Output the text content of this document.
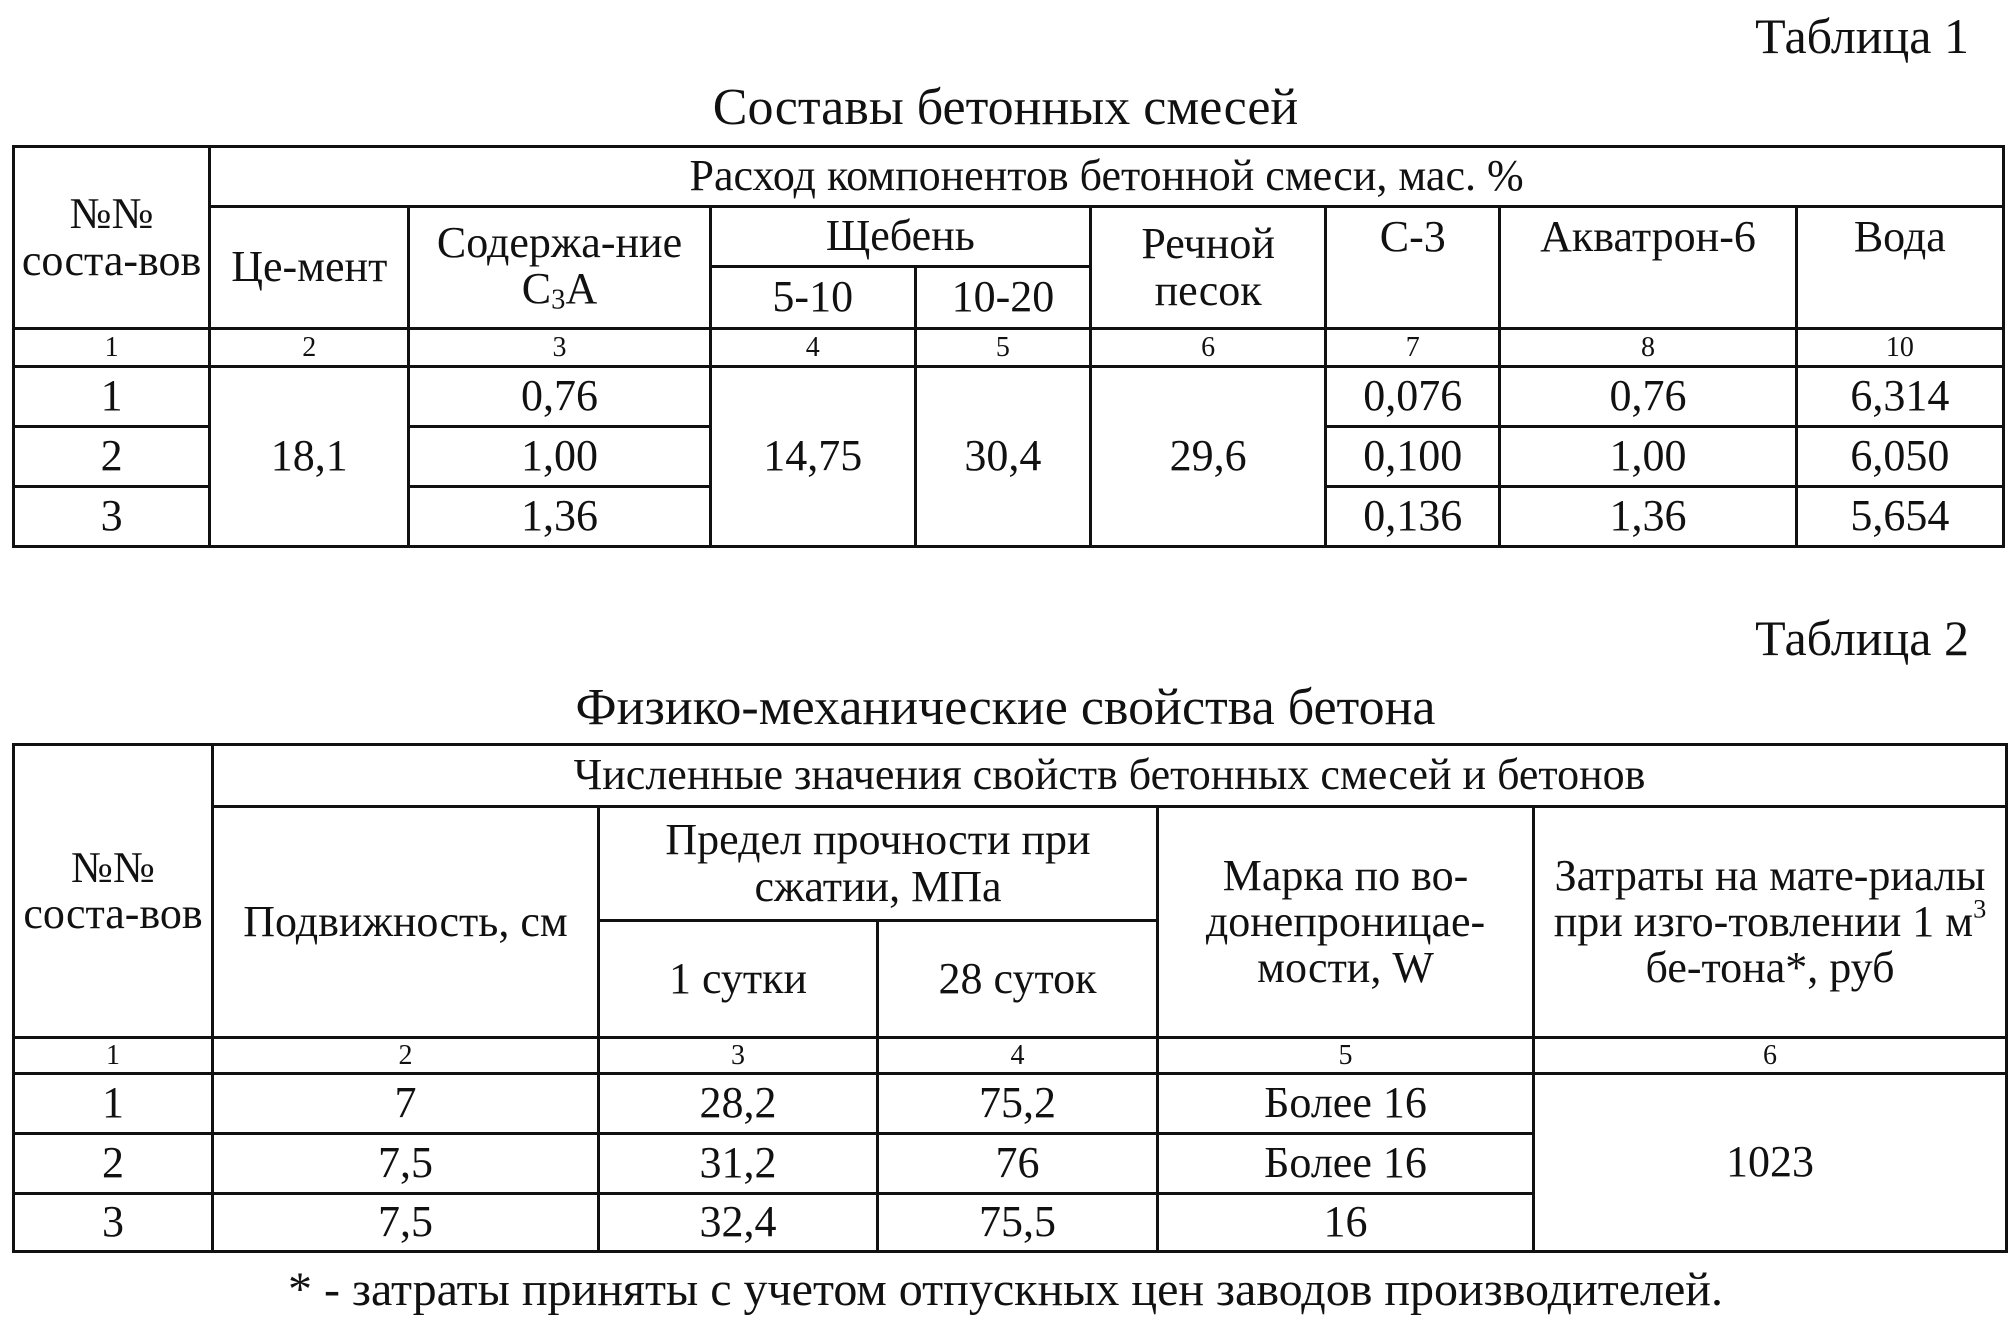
Таблица 1
Составы бетонных смесей
№№ соста-вов	Расход компонентов бетонной смеси, мас. %							
	Це-мент	Содержа-ние $С_3А$	Щебень		Речной песок	С-3	Акватрон-6	Вода
			5-10	10-20				
1	2	3	4	5	6	7	8	10
1	18,1	0,76	14,75	30,4	29,6	0,076	0,76	6,314
2		1,00				0,100	1,00	6,050
3		1,36				0,136	1,36	5,654
Таблица 2
Физико-механические свойства бетона
№№ соста-вов	Численные значения свойств бетонных смесей и бетонов				
	Подвижность, см	Предел прочности при сжатии, МПа		Марка по во-донепроницае-мости, W	Затраты на мате-риалы при изго-товлении 1 $м^3$ бе-тона*, руб
		1 сутки	28 суток		
1	2	3	4	5	6
1	7	28,2	75,2	Более 16	1023
2	7,5	31,2	76	Более 16	
3	7,5	32,4	75,5	16	
* - затраты приняты с учетом отпускных цен заводов производителей.
